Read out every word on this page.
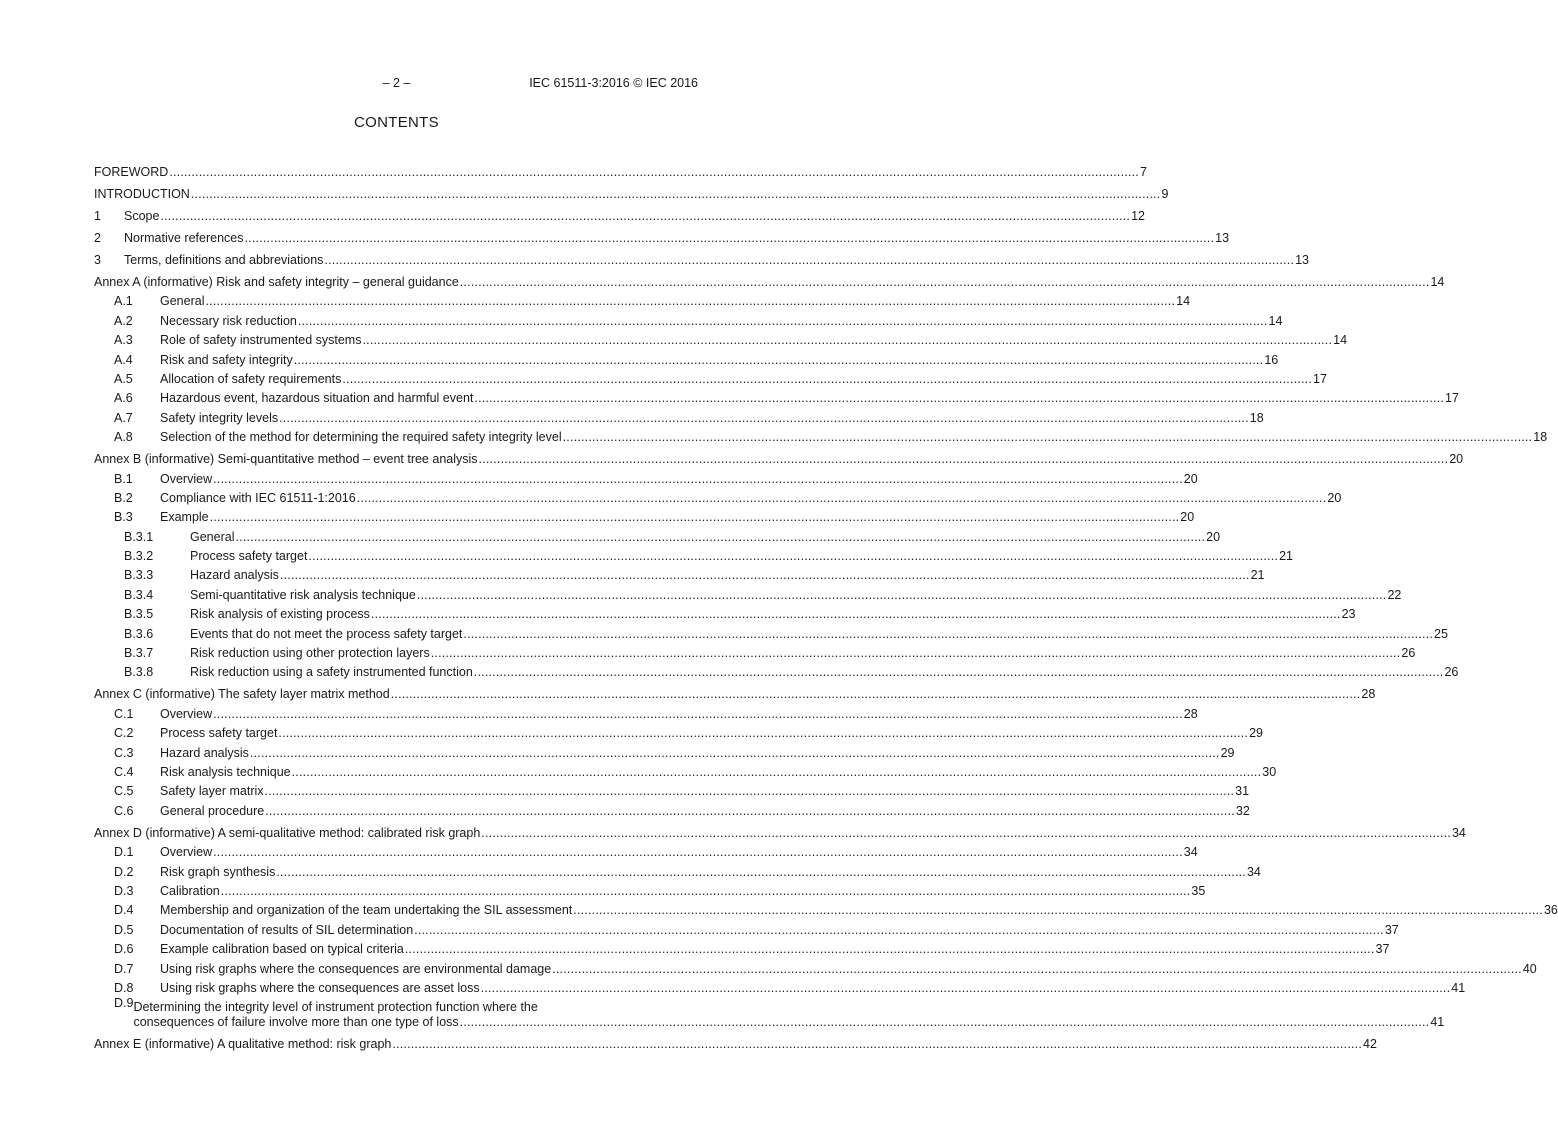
– 2 –	IEC 61511-3:2016 © IEC 2016
CONTENTS
FOREWORD .....	7
INTRODUCTION .....	9
1	Scope .....	12
2	Normative references .....	13
3	Terms, definitions and abbreviations .....	13
Annex A (informative) Risk and safety integrity – general guidance .....	14
A.1	General .....	14
A.2	Necessary risk reduction .....	14
A.3	Role of safety instrumented systems .....	14
A.4	Risk and safety integrity .....	16
A.5	Allocation of safety requirements .....	17
A.6	Hazardous event, hazardous situation and harmful event .....	17
A.7	Safety integrity levels .....	18
A.8	Selection of the method for determining the required safety integrity level .....	18
Annex B (informative) Semi-quantitative method – event tree analysis .....	20
B.1	Overview .....	20
B.2	Compliance with IEC 61511-1:2016 .....	20
B.3	Example .....	20
B.3.1	General .....	20
B.3.2	Process safety target .....	21
B.3.3	Hazard analysis .....	21
B.3.4	Semi-quantitative risk analysis technique .....	22
B.3.5	Risk analysis of existing process .....	23
B.3.6	Events that do not meet the process safety target .....	25
B.3.7	Risk reduction using other protection layers .....	26
B.3.8	Risk reduction using a safety instrumented function .....	26
Annex C (informative) The safety layer matrix method .....	28
C.1	Overview .....	28
C.2	Process safety target .....	29
C.3	Hazard analysis .....	29
C.4	Risk analysis technique .....	30
C.5	Safety layer matrix .....	31
C.6	General procedure .....	32
Annex D (informative) A semi-qualitative method: calibrated risk graph .....	34
D.1	Overview .....	34
D.2	Risk graph synthesis .....	34
D.3	Calibration .....	35
D.4	Membership and organization of the team undertaking the SIL assessment .....	36
D.5	Documentation of results of SIL determination .....	37
D.6	Example calibration based on typical criteria .....	37
D.7	Using risk graphs where the consequences are environmental damage .....	40
D.8	Using risk graphs where the consequences are asset loss .....	41
D.9 Determining the integrity level of instrument protection function where the
consequences of failure involve more than one type of loss .....	41
Annex E (informative) A qualitative method: risk graph .....	42
